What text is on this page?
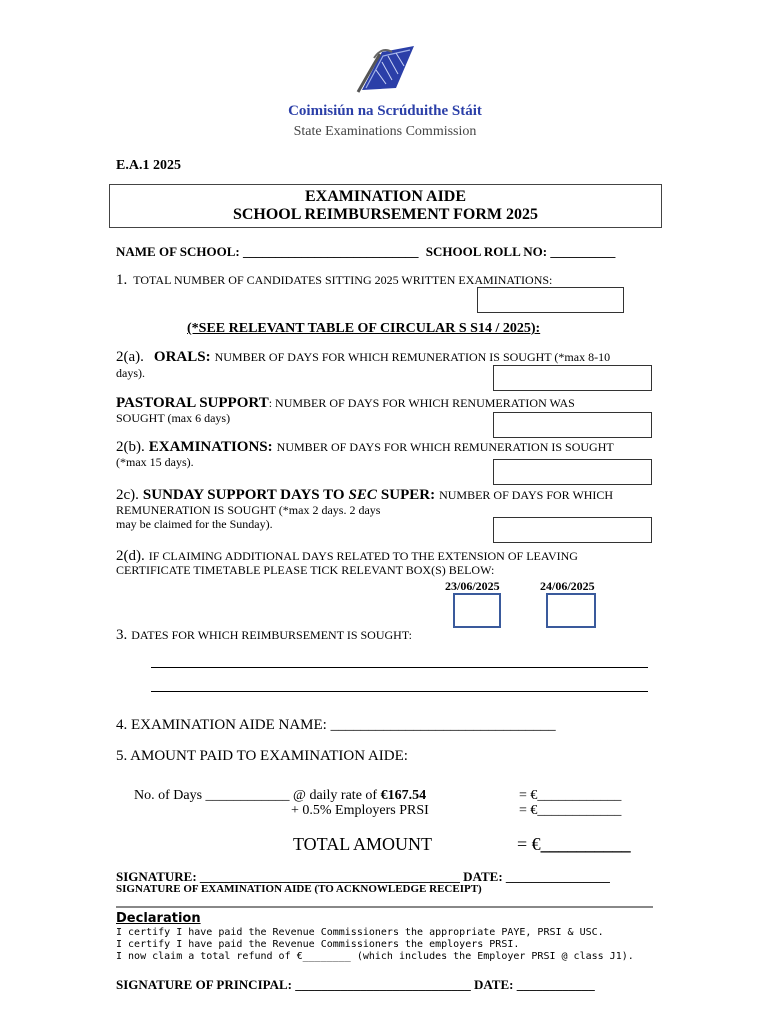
Coimisiún na Scrúduithe Stáit
State Examinations Commission
E.A.1 2025
EXAMINATION AIDE
SCHOOL REIMBURSEMENT FORM 2025
NAME OF SCHOOL: ___________________________ SCHOOL ROLL NO: __________
1. TOTAL NUMBER OF CANDIDATES SITTING 2025 WRITTEN EXAMINATIONS:
(*SEE RELEVANT TABLE OF CIRCULAR S S14 / 2025):
2(a). ORALS: NUMBER OF DAYS FOR WHICH REMUNERATION IS SOUGHT (*max 8-10
days).
PASTORAL SUPPORT: NUMBER OF DAYS FOR WHICH RENUMERATION WAS
SOUGHT (max 6 days)
2(b). EXAMINATIONS: NUMBER OF DAYS FOR WHICH REMUNERATION IS SOUGHT
(*max 15 days).
2c). SUNDAY SUPPORT DAYS TO SEC SUPER: NUMBER OF DAYS FOR WHICH
REMUNERATION IS SOUGHT (*max 2 days. 2 days
may be claimed for the Sunday).
2(d). IF CLAIMING ADDITIONAL DAYS RELATED TO THE EXTENSION OF LEAVING
CERTIFICATE TIMETABLE PLEASE TICK RELEVANT BOX(S) BELOW:
23/06/2025	24/06/2025
3. DATES FOR WHICH REIMBURSEMENT IS SOUGHT:
4. EXAMINATION AIDE NAME: ______________________________
5. AMOUNT PAID TO EXAMINATION AIDE:
No. of Days ____________ @ daily rate of €167.54	= €____________
+ 0.5% Employers PRSI	= €____________
TOTAL AMOUNT	= €__________
SIGNATURE: ________________________________________ DATE: ________________
SIGNATURE OF EXAMINATION AIDE (TO ACKNOWLEDGE RECEIPT)
Declaration
I certify I have paid the Revenue Commissioners the appropriate PAYE, PRSI & USC.
I certify I have paid the Revenue Commissioners the employers PRSI.
I now claim a total refund of €________ (which includes the Employer PRSI @ class J1).
SIGNATURE OF PRINCIPAL: ___________________________ DATE: ____________
